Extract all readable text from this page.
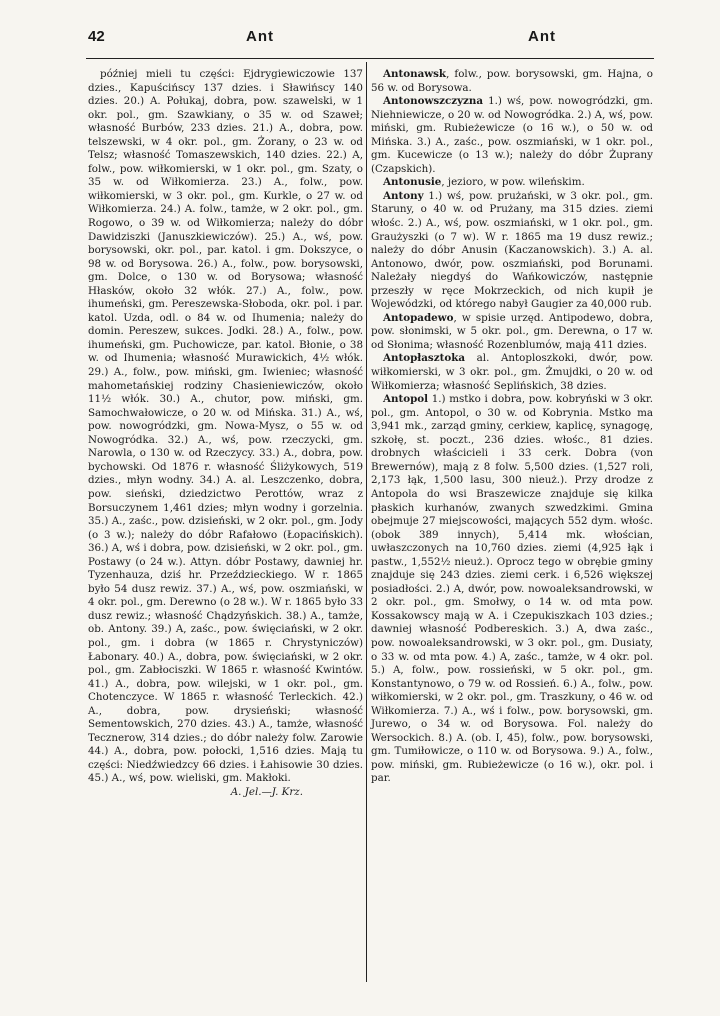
42	Ant	Ant

później mieli tu części: Ejdrygiewiczowie 137 dzies., Kapuścińscy 137 dzies. i Sławińscy 140 dzies. 20.) A. Połukaj, dobra, pow. szawelski, w 1 okr. pol., gm. Szawkiany, o 35 w. od Szaweł; własność Burbów, 233 dzies. 21.) A., dobra, pow. telszewski, w 4 okr. pol., gm. Żorany, o 23 w. od Telsz; własność Tomaszewskich, 140 dzies. 22.) A, folw., pow. wiłkomierski, w 1 okr. pol., gm. Szaty, o 35 w. od Wiłkomierza. 23.) A., folw., pow. wiłkomierski, w 3 okr. pol., gm. Kurkle, o 27 w. od Wiłkomierza. 24.) A. folw., tamże, w 2 okr. pol., gm. Rogowo, o 39 w. od Wiłkomierza; należy do dóbr Dawidziszki (Januszkiewiczów). 25.) A., wś, pow. borysowski, okr. pol., par. katol. i gm. Dokszyce, o 98 w. od Borysowa. 26.) A., folw., pow. borysowski, gm. Dolce, o 130 w. od Borysowa; własność Hłasków, około 32 włók. 27.) A., folw., pow. ihumeński, gm. Pereszewska-Słoboda, okr. pol. i par. katol. Uzda, odl. o 84 w. od Ihumenia; należy do domin. Pereszew, sukces. Jodki. 28.) A., folw., pow. ihumeński, gm. Puchowicze, par. katol. Błonie, o 38 w. od Ihumenia; własność Murawickich, 4½ włók. 29.) A., folw., pow. miński, gm. Iwieniec; własność mahometańskiej rodziny Chasieniewiczów, około 11½ włók. 30.) A., chutor, pow. miński, gm. Samochwałowicze, o 20 w. od Mińska. 31.) A., wś, pow. nowogródzki, gm. Nowa-Mysz, o 55 w. od Nowogródka. 32.) A., wś, pow. rzeczycki, gm. Narowla, o 130 w. od Rzeczycy. 33.) A., dobra, pow. bychowski. Od 1876 r. własność Śliżykowych, 519 dzies., młyn wodny. 34.) A. al. Leszczenko, dobra, pow. sieński, dziedzictwo Perottów, wraz z Borsuczynem 1,461 dzies; młyn wodny i gorzelnia. 35.) A., zaśc., pow. dzisieński, w 2 okr. pol., gm. Jody (o 3 w.); należy do dóbr Rafałowo (Łopacińskich). 36.) A, wś i dobra, pow. dzisieński, w 2 okr. pol., gm. Postawy (o 24 w.). Attyn. dóbr Postawy, dawniej hr. Tyzenhauza, dziś hr. Przeździeckiego. W r. 1865 było 54 dusz rewiz. 37.) A., wś, pow. oszmiański, w 4 okr. pol., gm. Derewno (o 28 w.). W r. 1865 było 33 dusz rewiz.; własność Chądzyńskich. 38.) A., tamże, ob. Antony. 39.) A, zaśc., pow. święciański, w 2 okr. pol., gm. i dobra (w 1865 r. Chrystyniczów) Łabonary. 40.) A., dobra, pow. święciański, w 2 okr. pol., gm. Zabłociszki. W 1865 r. własność Kwintów. 41.) A., dobra, pow. wilejski, w 1 okr. pol., gm. Chotenczyce. W 1865 r. własność Terleckich. 42.) A., dobra, pow. drysieński; własność Sementowskich, 270 dzies. 43.) A., tamże, własność Tecznerow, 314 dzies.; do dóbr należy folw. Zarowie 44.) A., dobra, pow. połocki, 1,516 dzies. Mają tu części: Niedźwiedzcy 66 dzies. i Łahisowie 30 dzies. 45.) A., wś, pow. wieliski, gm. Makłoki.

A. Jel.—J. Krz.

Antonawsk, folw., pow. borysowski, gm. Hajna, o 56 w. od Borysowa.

Antonowszczyzna 1.) wś, pow. nowogródzki, gm. Niehniewicze, o 20 w. od Nowogródka. 2.) A, wś, pow. miński, gm. Rubieżewicze (o 16 w.), o 50 w. od Mińska. 3.) A., zaśc., pow. oszmiański, w 1 okr. pol., gm. Kucewicze (o 13 w.); należy do dóbr Żuprany (Czapskich).

Antonusie, jezioro, w pow. wileńskim.

Antony 1.) wś, pow. prużański, w 3 okr. pol., gm. Staruny, o 40 w. od Prużany, ma 315 dzies. ziemi włośc. 2.) A., wś, pow. oszmiański, w 1 okr. pol., gm. Graużyszki (o 7 w). W r. 1865 ma 19 dusz rewiz.; należy do dóbr Anusin (Kaczanowskich). 3.) A. al. Antonowo, dwór, pow. oszmiański, pod Borunami. Należały niegdyś do Wańkowiczów, następnie przeszły w ręce Mokrzeckich, od nich kupił je Wojewódzki, od którego nabył Gaugier za 40,000 rub.

Antopadewo, w spisie urzęd. Antipodewo, dobra, pow. słonimski, w 5 okr. pol., gm. Derewna, o 17 w. od Słonima; własność Rozenblumów, mają 411 dzies.

Antopłasztoka al. Antoploszkoki, dwór, pow. wiłkomierski, w 3 okr. pol., gm. Żmujdki, o 20 w. od Wiłkomierza; własność Seplińskich, 38 dzies.

Antopol 1.) mstko i dobra, pow. kobryński w 3 okr. pol., gm. Antopol, o 30 w. od Kobrynia. Mstko ma 3,941 mk., zarząd gminy, cerkiew, kaplicę, synagogę, szkołę, st. poczt., 236 dzies. włośc., 81 dzies. drobnych właścicieli i 33 cerk. Dobra (von Brewernów), mają z 8 folw. 5,500 dzies. (1,527 roli, 2,173 łąk, 1,500 lasu, 300 nieuż.). Przy drodze z Antopola do wsi Braszewicze znajduje się kilka płaskich kurhanów, zwanych szwedzkimi. Gmina obejmuje 27 miejscowości, mających 552 dym. włośc. (obok 389 innych), 5,414 mk. włościan, uwłaszczonych na 10,760 dzies. ziemi (4,925 łąk i pastw., 1,552½ nieuż.). Oprocz tego w obrębie gminy znajduje się 243 dzies. ziemi cerk. i 6,526 większej posiadłości. 2.) A, dwór, pow. nowoaleksandrowski, w 2 okr. pol., gm. Smołwy, o 14 w. od mta pow. Kossakowscy mają w A. i Czepukiszkach 103 dzies.; dawniej własność Podbereskich. 3.) A, dwa zaśc., pow. nowoaleksandrowski, w 3 okr. pol., gm. Dusiaty, o 33 w. od mta pow. 4.) A, zaśc., tamże, w 4 okr. pol. 5.) A, folw., pow. rossieński, w 5 okr. pol., gm. Konstantynowo, o 79 w. od Rossień. 6.) A., folw., pow. wiłkomierski, w 2 okr. pol., gm. Traszkuny, o 46 w. od Wiłkomierza. 7.) A., wś i folw., pow. borysowski, gm. Jurewo, o 34 w. od Borysowa. Fol. należy do Wersockich. 8.) A. (ob. I, 45), folw., pow. borysowski, gm. Tumiłowicze, o 110 w. od Borysowa. 9.) A., folw., pow. miński, gm. Rubieżewicze (o 16 w.), okr. pol. i par.
